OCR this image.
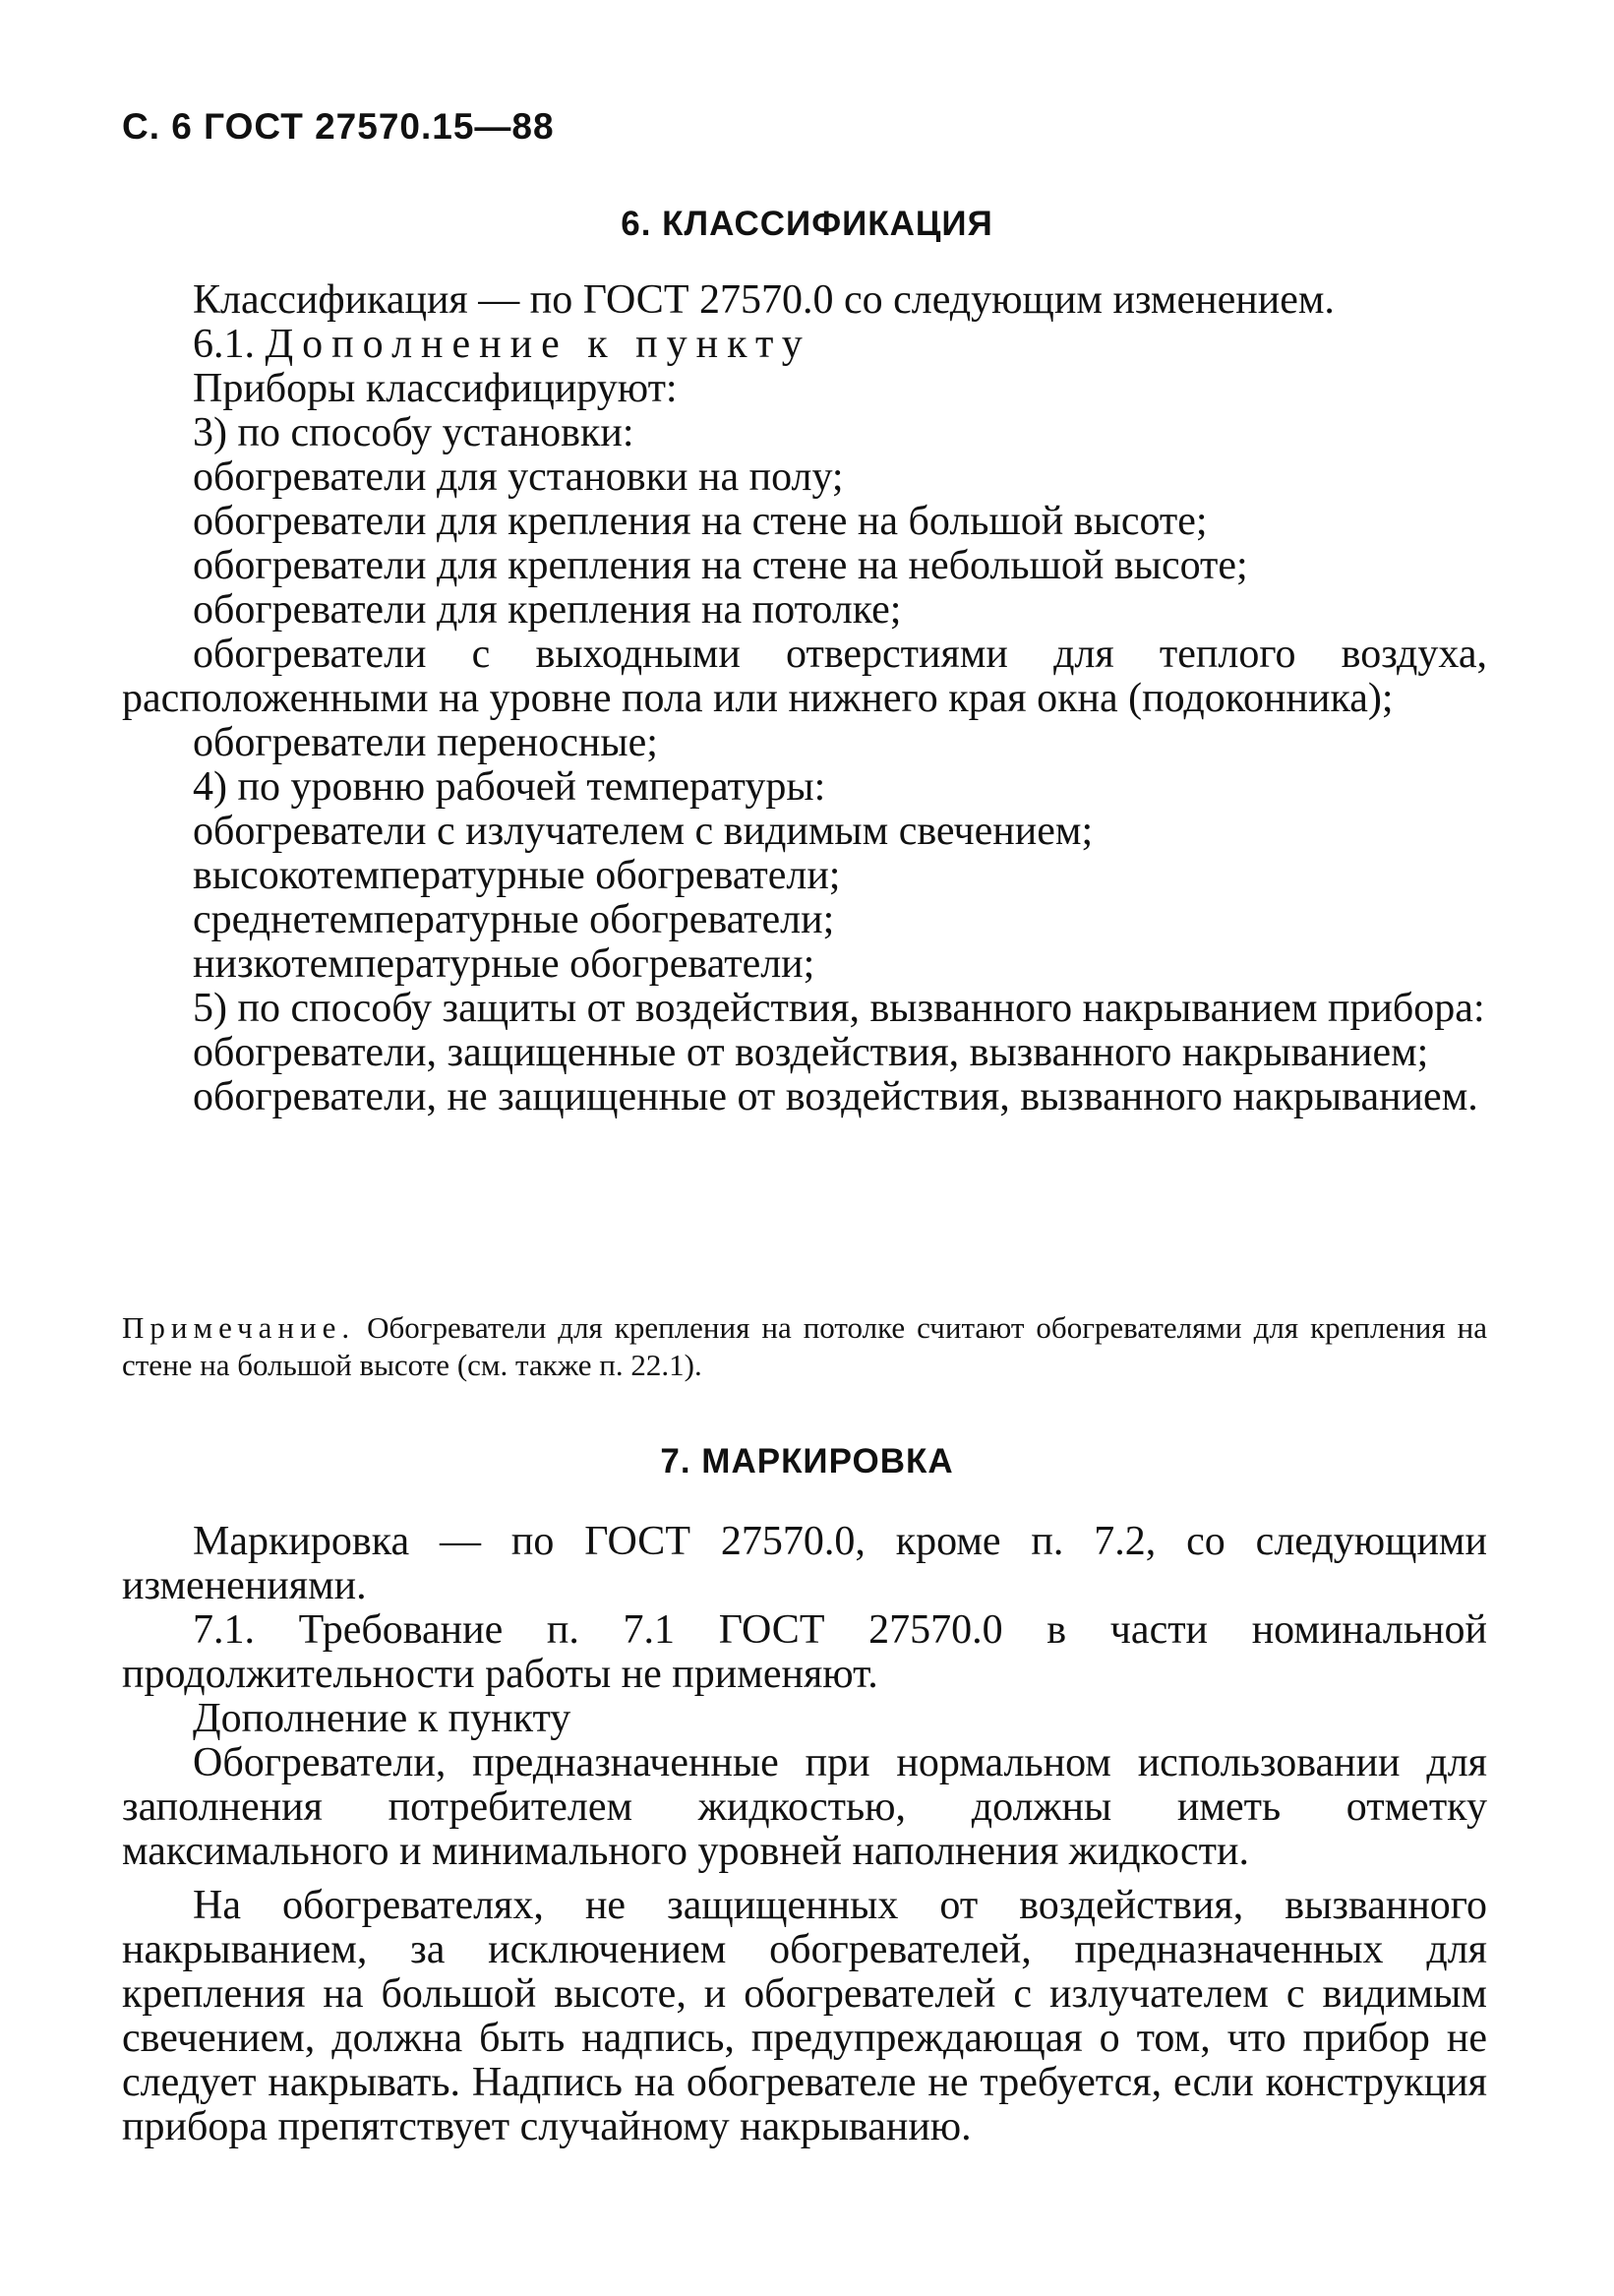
С. 6 ГОСТ 27570.15—88
6. КЛАССИФИКАЦИЯ

Классификация — по ГОСТ 27570.0 со следующим изменением.

6.1. Дополнение к пункту

Приборы классифицируют:

3) по способу установки:

обогреватели для установки на полу;

обогреватели для крепления на стене на большой высоте;

обогреватели для крепления на стене на небольшой высоте;

обогреватели для крепления на потолке;

обогреватели с выходными отверстиями для теплого воздуха, расположенными на уровне пола или нижнего края окна (подоконника);

обогреватели переносные;

4) по уровню рабочей температуры:

обогреватели с излучателем с видимым свечением;

высокотемпературные обогреватели;

среднетемпературные обогреватели;

низкотемпературные обогреватели;

5) по способу защиты от воздействия, вызванного накрыванием прибора:

обогреватели, защищенные от воздействия, вызванного накрыванием;

обогреватели, не защищенные от воздействия, вызванного накрыванием.

Примечание. Обогреватели для крепления на потолке считают обогревателями для крепления на стене на большой высоте (см. также п. 22.1).
7. МАРКИРОВКА

Маркировка — по ГОСТ 27570.0, кроме п. 7.2, со следующими изменениями.

7.1. Требование п. 7.1 ГОСТ 27570.0 в части номинальной продолжительности работы не применяют.

Дополнение к пункту

Обогреватели, предназначенные при нормальном использовании для заполнения потребителем жидкостью, должны иметь отметку максимального и минимального уровней наполнения жидкости.

На обогревателях, не защищенных от воздействия, вызванного накрыванием, за исключением обогревателей, предназначенных для крепления на большой высоте, и обогревателей с излучателем с видимым свечением, должна быть надпись, предупреждающая о том, что прибор не следует накрывать. Надпись на обогревателе не требуется, если конструкция прибора препятствует случайному накрыванию.
